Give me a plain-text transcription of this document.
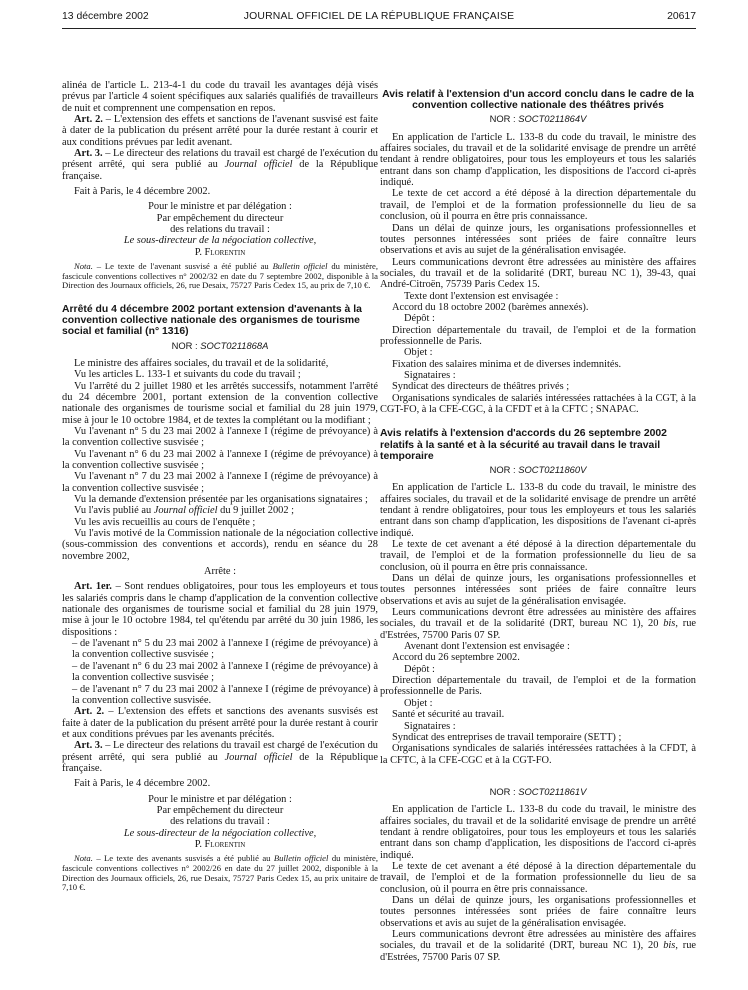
13 décembre 2002	JOURNAL OFFICIEL DE LA RÉPUBLIQUE FRANÇAISE	20617

alinéa de l'article L. 213-4-1 du code du travail les avantages déjà visés prévus par l'article 4 soient spécifiques aux salariés qualifiés de travailleurs de nuit et comprennent une compensation en repos.

Art. 2. – L'extension des effets et sanctions de l'avenant susvisé est faite à dater de la publication du présent arrêté pour la durée restant à courir et aux conditions prévues par ledit avenant.

Art. 3. – Le directeur des relations du travail est chargé de l'exécution du présent arrêté, qui sera publié au Journal officiel de la République française.

Fait à Paris, le 4 décembre 2002.

Pour le ministre et par délégation :

Par empêchement du directeur

des relations du travail :

Le sous-directeur de la négociation collective,

P. Florentin

Nota. – Le texte de l'avenant susvisé a été publié au Bulletin officiel du ministère, fascicule conventions collectives n° 2002/32 en date du 7 septembre 2002, disponible à la Direction des Journaux officiels, 26, rue Desaix, 75727 Paris Cedex 15, au prix de 7,10 €.

Arrêté du 4 décembre 2002 portant extension d'avenants à la convention collective nationale des organismes de tourisme social et familial (n° 1316)
NOR : SOCT0211868A

Le ministre des affaires sociales, du travail et de la solidarité,

Vu les articles L. 133-1 et suivants du code du travail ;

Vu l'arrêté du 2 juillet 1980 et les arrêtés successifs, notamment l'arrêté du 24 décembre 2001, portant extension de la convention collective nationale des organismes de tourisme social et familial du 28 juin 1979, mise à jour le 10 octobre 1984, et de textes la complétant ou la modifiant ;

Vu l'avenant n° 5 du 23 mai 2002 à l'annexe I (régime de prévoyance) à la convention collective susvisée ;

Vu l'avenant n° 6 du 23 mai 2002 à l'annexe I (régime de prévoyance) à la convention collective susvisée ;

Vu l'avenant n° 7 du 23 mai 2002 à l'annexe I (régime de prévoyance) à la convention collective susvisée ;

Vu la demande d'extension présentée par les organisations signataires ;

Vu l'avis publié au Journal officiel du 9 juillet 2002 ;

Vu les avis recueillis au cours de l'enquête ;

Vu l'avis motivé de la Commission nationale de la négociation collective (sous-commission des conventions et accords), rendu en séance du 28 novembre 2002,

Arrête :

Art. 1er. – Sont rendues obligatoires, pour tous les employeurs et tous les salariés compris dans le champ d'application de la convention collective nationale des organismes de tourisme social et familial du 28 juin 1979, mise à jour le 10 octobre 1984, tel qu'étendu par arrêté du 30 juin 1986, les dispositions :

– de l'avenant n° 5 du 23 mai 2002 à l'annexe I (régime de prévoyance) à la convention collective susvisée ;

– de l'avenant n° 6 du 23 mai 2002 à l'annexe I (régime de prévoyance) à la convention collective susvisée ;

– de l'avenant n° 7 du 23 mai 2002 à l'annexe I (régime de prévoyance) à la convention collective susvisée.

Art. 2. – L'extension des effets et sanctions des avenants susvisés est faite à dater de la publication du présent arrêté pour la durée restant à courir et aux conditions prévues par les avenants précités.

Art. 3. – Le directeur des relations du travail est chargé de l'exécution du présent arrêté, qui sera publié au Journal officiel de la République française.

Fait à Paris, le 4 décembre 2002.

Pour le ministre et par délégation :

Par empêchement du directeur

des relations du travail :

Le sous-directeur de la négociation collective,

P. Florentin

Nota. – Le texte des avenants susvisés a été publié au Bulletin officiel du ministère, fascicule conventions collectives n° 2002/26 en date du 27 juillet 2002, disponible à la Direction des Journaux officiels, 26, rue Desaix, 75727 Paris Cedex 15, au prix unitaire de 7,10 €.

Avis relatif à l'extension d'un accord conclu dans le cadre de la convention collective nationale des théâtres privés
NOR : SOCT0211864V

En application de l'article L. 133-8 du code du travail, le ministre des affaires sociales, du travail et de la solidarité envisage de prendre un arrêté tendant à rendre obligatoires, pour tous les employeurs et tous les salariés entrant dans son champ d'application, les dispositions de l'accord ci-après indiqué.

Le texte de cet accord a été déposé à la direction départementale du travail, de l'emploi et de la formation professionnelle du lieu de sa conclusion, où il pourra en être pris connaissance.

Dans un délai de quinze jours, les organisations professionnelles et toutes personnes intéressées sont priées de faire connaître leurs observations et avis au sujet de la généralisation envisagée.

Leurs communications devront être adressées au ministère des affaires sociales, du travail et de la solidarité (DRT, bureau NC 1), 39-43, quai André-Citroën, 75739 Paris Cedex 15.

Texte dont l'extension est envisagée :

Accord du 18 octobre 2002 (barèmes annexés).

Dépôt :

Direction départementale du travail, de l'emploi et de la formation professionnelle de Paris.

Objet :

Fixation des salaires minima et de diverses indemnités.

Signataires :

Syndicat des directeurs de théâtres privés ;

Organisations syndicales de salariés intéressées rattachées à la CGT, à la CGT-FO, à la CFE-CGC, à la CFDT et à la CFTC ; SNAPAC.

Avis relatifs à l'extension d'accords du 26 septembre 2002 relatifs à la santé et à la sécurité au travail dans le travail temporaire
NOR : SOCT0211860V

En application de l'article L. 133-8 du code du travail, le ministre des affaires sociales, du travail et de la solidarité envisage de prendre un arrêté tendant à rendre obligatoires, pour tous les employeurs et tous les salariés entrant dans son champ d'application, les dispositions de l'avenant ci-après indiqué.

Le texte de cet avenant a été déposé à la direction départementale du travail, de l'emploi et de la formation professionnelle du lieu de sa conclusion, où il pourra en être pris connaissance.

Dans un délai de quinze jours, les organisations professionnelles et toutes personnes intéressées sont priées de faire connaître leurs observations et avis au sujet de la généralisation envisagée.

Leurs communications devront être adressées au ministère des affaires sociales, du travail et de la solidarité (DRT, bureau NC 1), 20 bis, rue d'Estrées, 75700 Paris 07 SP.

Avenant dont l'extension est envisagée :

Accord du 26 septembre 2002.

Dépôt :

Direction départementale du travail, de l'emploi et de la formation professionnelle de Paris.

Objet :

Santé et sécurité au travail.

Signataires :

Syndicat des entreprises de travail temporaire (SETT) ;

Organisations syndicales de salariés intéressées rattachées à la CFDT, à la CFTC, à la CFE-CGC et à la CGT-FO.

NOR : SOCT0211861V

En application de l'article L. 133-8 du code du travail, le ministre des affaires sociales, du travail et de la solidarité envisage de prendre un arrêté tendant à rendre obligatoires, pour tous les employeurs et tous les salariés entrant dans son champ d'application, les dispositions de l'accord ci-après indiqué.

Le texte de cet avenant a été déposé à la direction départementale du travail, de l'emploi et de la formation professionnelle du lieu de sa conclusion, où il pourra en être pris connaissance.

Dans un délai de quinze jours, les organisations professionnelles et toutes personnes intéressées sont priées de faire connaître leurs observations et avis au sujet de la généralisation envisagée.

Leurs communications devront être adressées au ministère des affaires sociales, du travail et de la solidarité (DRT, bureau NC 1), 20 bis, rue d'Estrées, 75700 Paris 07 SP.
